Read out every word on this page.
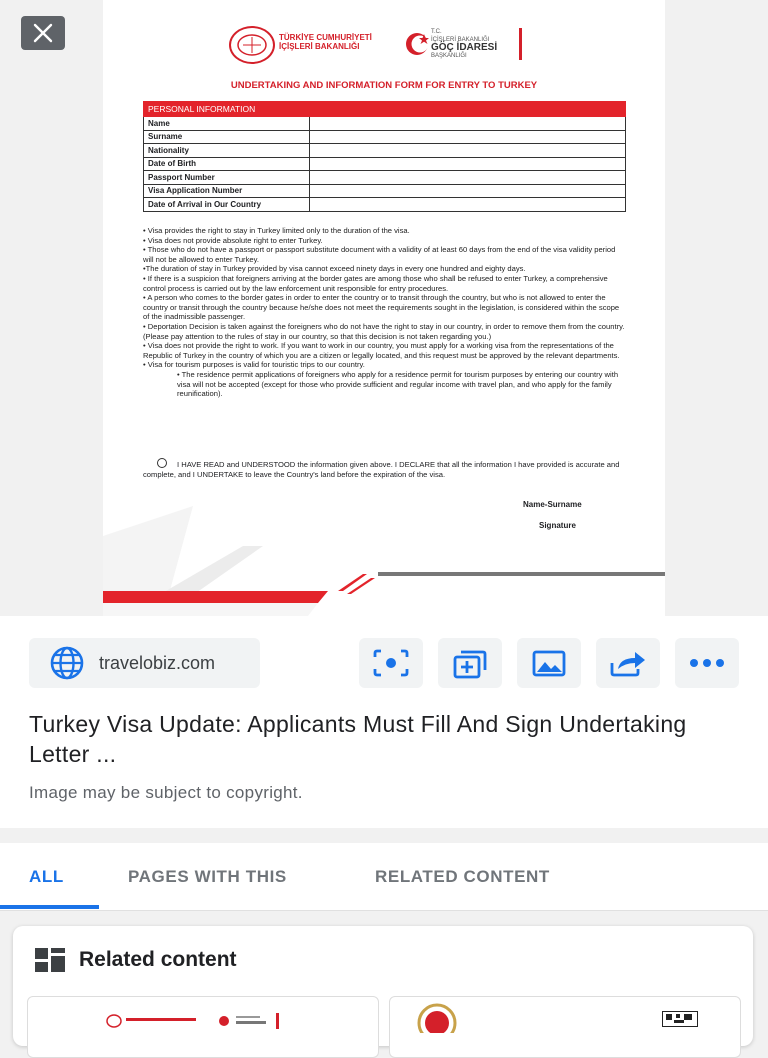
TÜRKİYE CUMHURİYETİ
İÇİŞLERİ BAKANLIĞI
T.C.
İÇİŞLERİ BAKANLIĞI
GÖÇ İDARESİ
BAŞKANLIĞI
UNDERTAKING AND INFORMATION FORM FOR ENTRY TO TURKEY
PERSONAL INFORMATION	
Name	
Surname	
Nationality	
Date of Birth	
Passport Number	
Visa Application Number	
Date of Arrival in Our Country	

• Visa provides the right to stay in Turkey limited only to the duration of the visa.

• Visa does not provide absolute right to enter Turkey.

• Those who do not have a passport or passport substitute document with a validity of at least 60 days from the end of the visa validity period will not be allowed to enter Turkey.

•The duration of stay in Turkey provided by visa cannot exceed ninety days in every one hundred and eighty days.

• If there is a suspicion that foreigners arriving at the border gates are among those who shall be refused to enter Turkey, a comprehensive control process is carried out by the law enforcement unit responsible for entry procedures.

• A person who comes to the border gates in order to enter the country or to transit through the country, but who is not allowed to enter the country or transit through the country because he/she does not meet the requirements sought in the legislation, is considered within the scope of the inadmissible passenger.

• Deportation Decision is taken against the foreigners who do not have the right to stay in our country, in order to remove them from the country. (Please pay attention to the rules of stay in our country, so that this decision is not taken regarding you.)

• Visa does not provide the right to work. If you want to work in our country, you must apply for a working visa from the representations of the Republic of Turkey in the country of which you are a citizen or legally located, and this request must be approved by the relevant departments.

• Visa for tourism purposes is valid for touristic trips to our country.

• The residence permit applications of foreigners who apply for a residence permit for tourism purposes by entering our country with visa will not be accepted (except for those who provide sufficient and regular income with travel plan, and who apply for the family reunification).

I HAVE READ and UNDERSTOOD the information given above. I DECLARE that all the information I have provided is accurate and complete, and I UNDERTAKE to leave the Country's land before the expiration of the visa.
Name-Surname
Signature
travelobiz.com
Turkey Visa Update: Applicants Must Fill And Sign Undertaking Letter ...
Image may be subject to copyright.
ALL	PAGES WITH THIS	RELATED CONTENT
Related content
